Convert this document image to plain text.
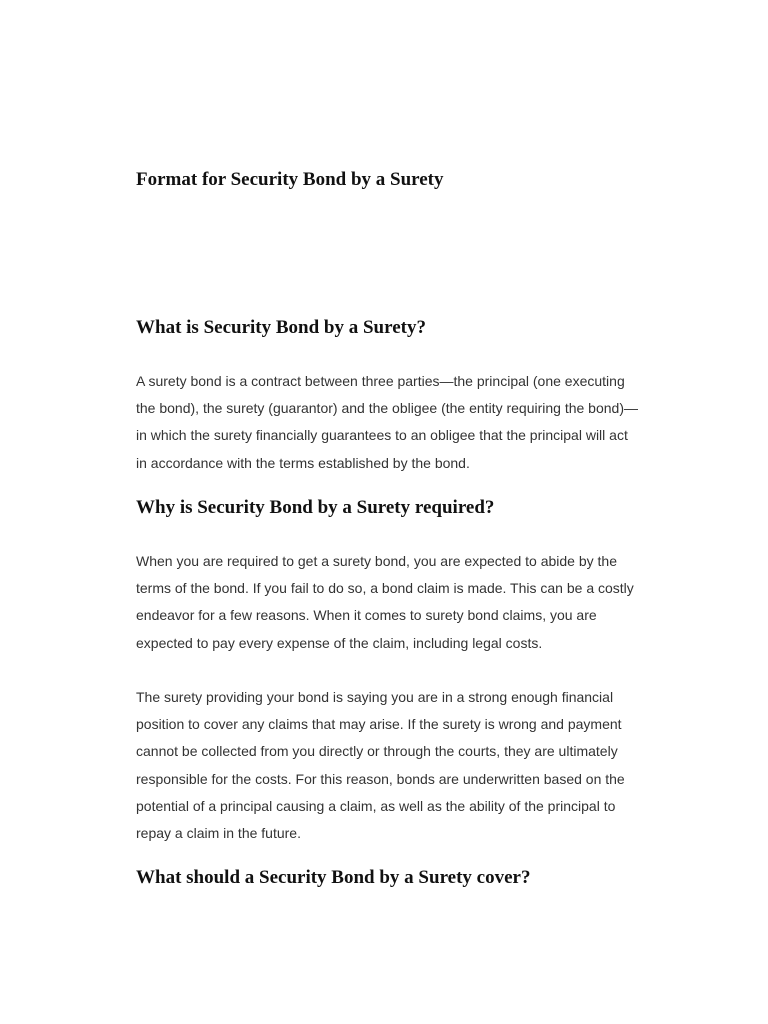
Format for Security Bond by a Surety
What is Security Bond by a Surety?

A surety bond is a contract between three parties—the principal (one executing
the bond), the surety (guarantor) and the obligee (the entity requiring the bond)—
in which the surety financially guarantees to an obligee that the principal will act
in accordance with the terms established by the bond.

Why is Security Bond by a Surety required?

When you are required to get a surety bond, you are expected to abide by the
terms of the bond. If you fail to do so, a bond claim is made. This can be a costly
endeavor for a few reasons. When it comes to surety bond claims, you are
expected to pay every expense of the claim, including legal costs.

The surety providing your bond is saying you are in a strong enough financial
position to cover any claims that may arise. If the surety is wrong and payment
cannot be collected from you directly or through the courts, they are ultimately
responsible for the costs. For this reason, bonds are underwritten based on the
potential of a principal causing a claim, as well as the ability of the principal to
repay a claim in the future.

What should a Security Bond by a Surety cover?
